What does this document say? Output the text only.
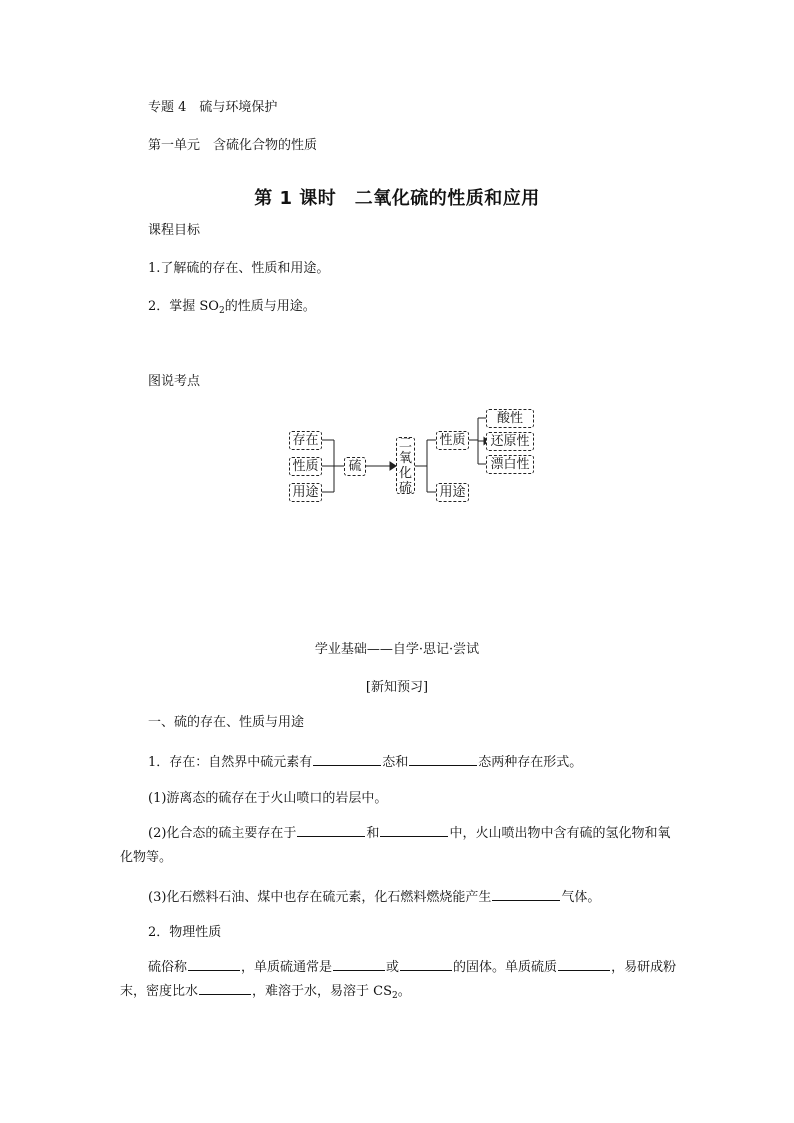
专题 4　硫与环境保护
第一单元　含硫化合物的性质
第 1 课时　二氧化硫的性质和应用
课程目标
1.了解硫的存在、性质和用途。
2．掌握 $SO_2$的性质与用途。
图说考点
存在
性质
用途
硫
二
氧
化
硫
性质
用途
酸性
还原性
漂白性
学业基础——自学·思记·尝试
[新知预习]
一、硫的存在、性质与用途
1．存在：自然界中硫元素有	态和	态两种存在形式。
(1)游离态的硫存在于火山喷口的岩层中。
(2)化合态的硫主要存在于	和	中，火山喷出物中含有硫的氢化物和氧化物等。
(3)化石燃料石油、煤中也存在硫元素，化石燃料燃烧能产生	气体。
2．物理性质
硫俗称	，单质硫通常是	或	的固体。单质硫质	，易研成粉末，密度比水	，难溶于水，易溶于 $CS_2$。
